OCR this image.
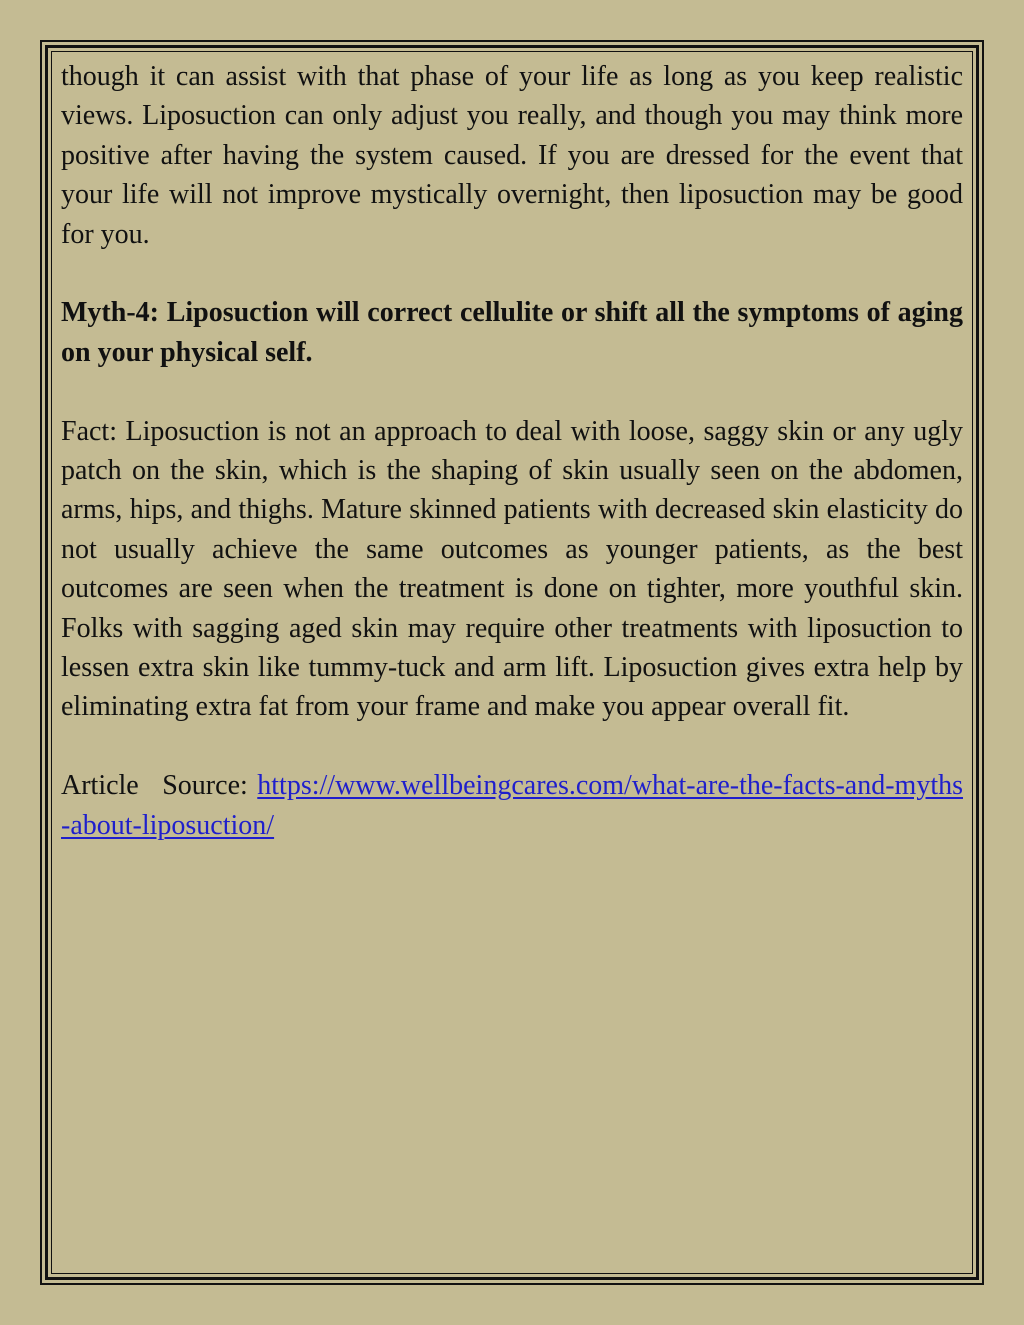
though it can assist with that phase of your life as long as you keep realistic views. Liposuction can only adjust you really, and though you may think more positive after having the system caused. If you are dressed for the event that your life will not improve mystically overnight, then liposuction may be good for you.

Myth-4: Liposuction will correct cellulite or shift all the symptoms of aging on your physical self.

Fact: Liposuction is not an approach to deal with loose, saggy skin or any ugly patch on the skin, which is the shaping of skin usually seen on the abdomen, arms, hips, and thighs. Mature skinned patients with decreased skin elasticity do not usually achieve the same outcomes as younger patients, as the best outcomes are seen when the treatment is done on tighter, more youthful skin. Folks with sagging aged skin may require other treatments with liposuction to lessen extra skin like tummy-tuck and arm lift. Liposuction gives extra help by eliminating extra fat from your frame and make you appear overall fit.

Article Source: https://www.wellbeingcares.com/what-are-the-facts-and-myths-about-liposuction/
